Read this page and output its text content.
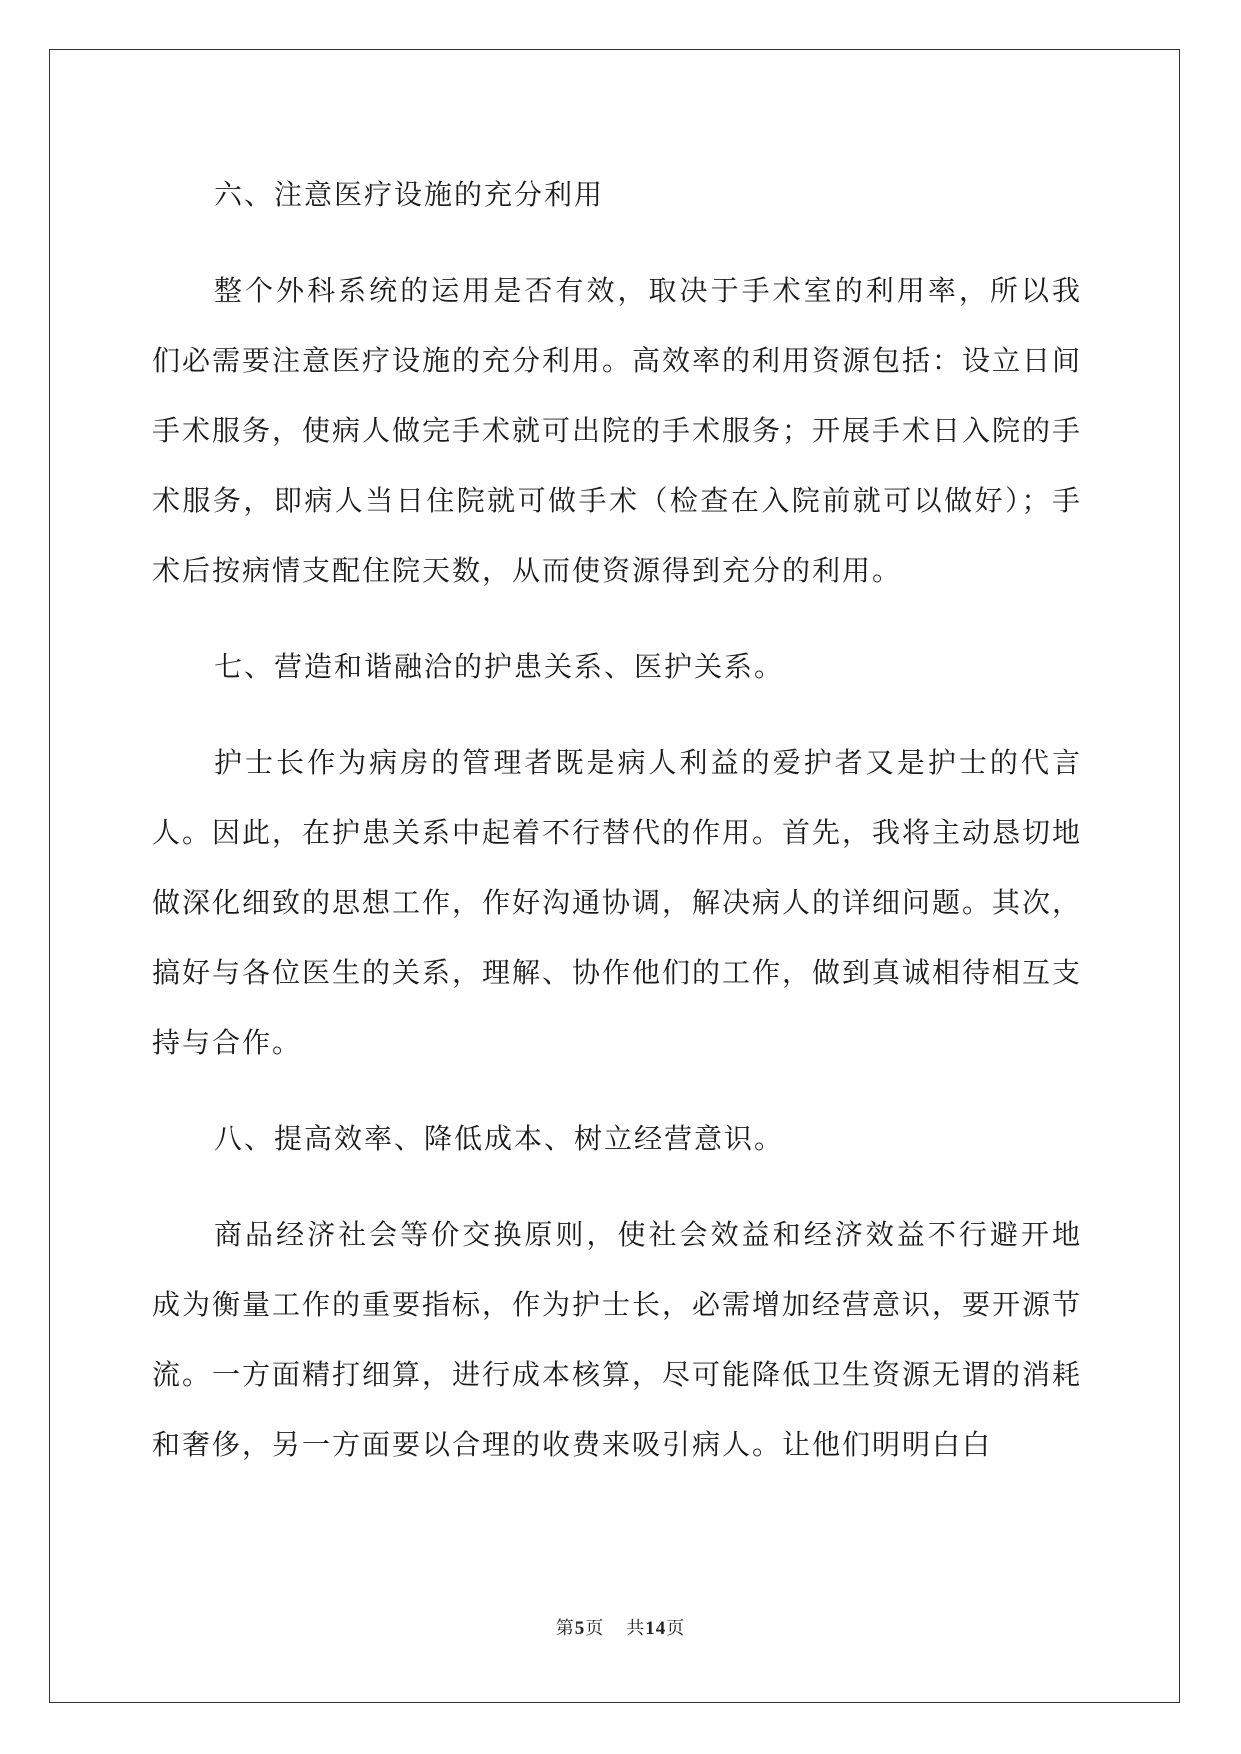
六、注意医疗设施的充分利用

整个外科系统的运用是否有效，取决于手术室的利用率，所以我们必需要注意医疗设施的充分利用。高效率的利用资源包括：设立日间手术服务，使病人做完手术就可出院的手术服务；开展手术日入院的手术服务，即病人当日住院就可做手术（检查在入院前就可以做好）；手术后按病情支配住院天数，从而使资源得到充分的利用。

七、营造和谐融洽的护患关系、医护关系。

护士长作为病房的管理者既是病人利益的爱护者又是护士的代言人。因此，在护患关系中起着不行替代的作用。首先，我将主动恳切地做深化细致的思想工作，作好沟通协调，解决病人的详细问题。其次，搞好与各位医生的关系，理解、协作他们的工作，做到真诚相待相互支持与合作。

八、提高效率、降低成本、树立经营意识。

商品经济社会等价交换原则，使社会效益和经济效益不行避开地成为衡量工作的重要指标，作为护士长，必需增加经营意识，要开源节流。一方面精打细算，进行成本核算，尽可能降低卫生资源无谓的消耗和奢侈，另一方面要以合理的收费来吸引病人。让他们明明白白

第5页 共14页
